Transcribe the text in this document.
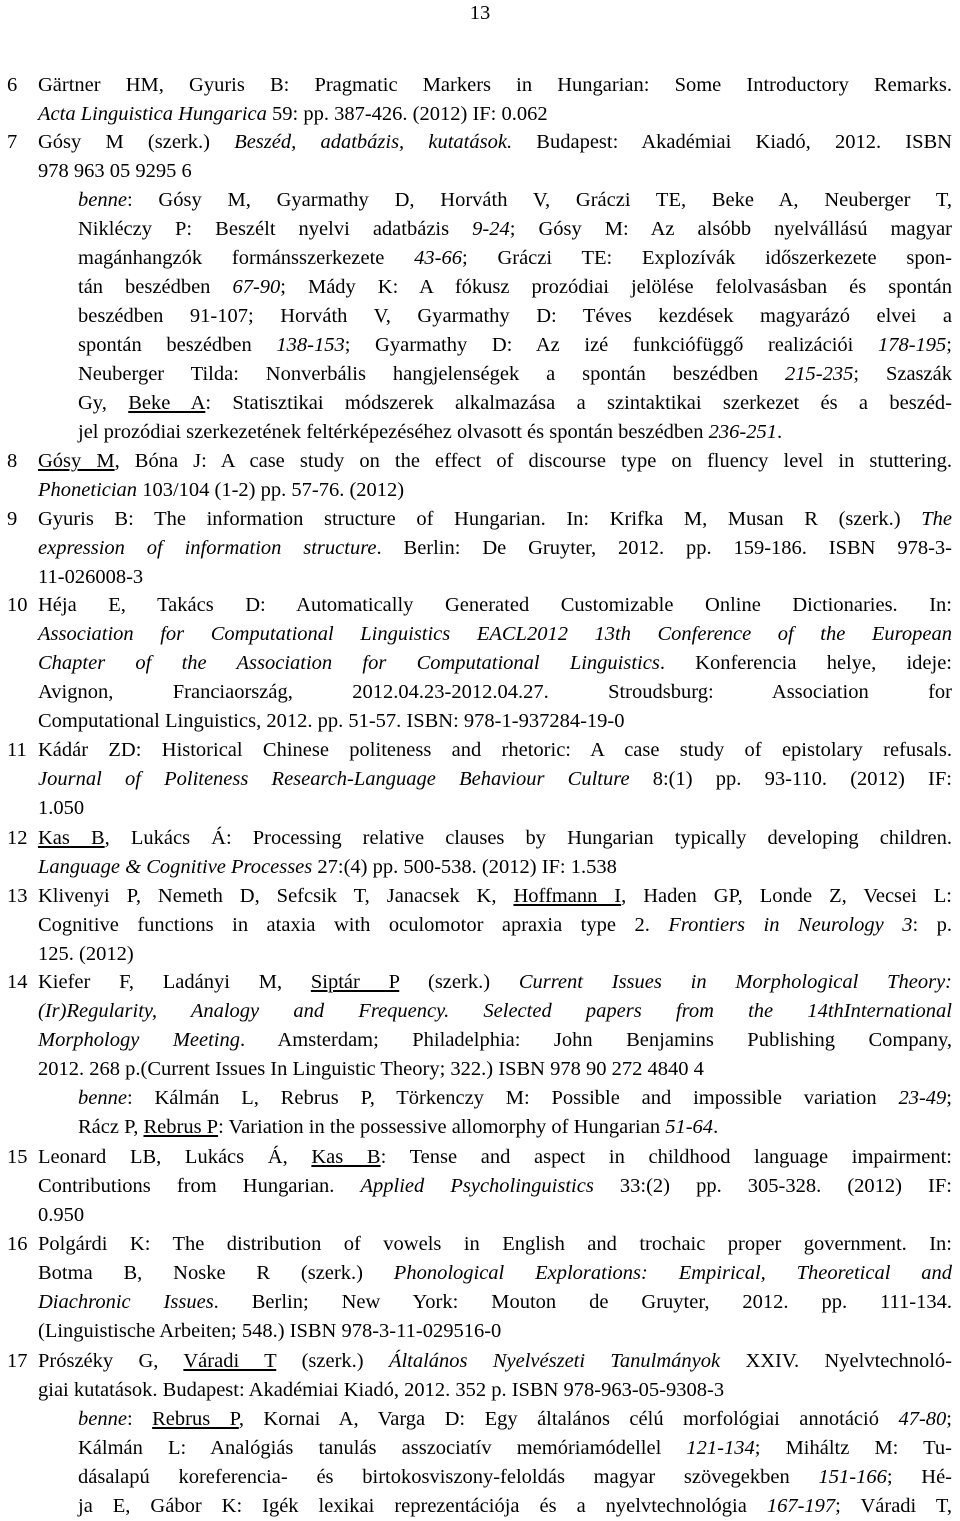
13
6 Gärtner HM, Gyuris B: Pragmatic Markers in Hungarian: Some Introductory Remarks.
Acta Linguistica Hungarica 59: pp. 387-426. (2012) IF: 0.062
7 Gósy M (szerk.) Beszéd, adatbázis, kutatások. Budapest: Akadémiai Kiadó, 2012. ISBN
978 963 05 9295 6
benne: Gósy M, Gyarmathy D, Horváth V, Gráczi TE, Beke A, Neuberger T,
Nikléczy P: Beszélt nyelvi adatbázis 9-24; Gósy M: Az alsóbb nyelvállású magyar
magánhangzók formánsszerkezete 43-66; Gráczi TE: Explozívák időszerkezete spon-
tán beszédben 67-90; Mády K: A fókusz prozódiai jelölése felolvasásban és spontán
beszédben 91-107; Horváth V, Gyarmathy D: Téves kezdések magyarázó elvei a
spontán beszédben 138-153; Gyarmathy D: Az izé funkciófüggő realizációi 178-195;
Neuberger Tilda: Nonverbális hangjelenségek a spontán beszédben 215-235; Szaszák
Gy, Beke A: Statisztikai módszerek alkalmazása a szintaktikai szerkezet és a beszéd-
jel prozódiai szerkezetének feltérképezéséhez olvasott és spontán beszédben 236-251.
8 Gósy M, Bóna J: A case study on the effect of discourse type on fluency level in stuttering.
Phonetician 103/104 (1-2) pp. 57-76. (2012)
9 Gyuris B: The information structure of Hungarian. In: Krifka M, Musan R (szerk.) The
expression of information structure. Berlin: De Gruyter, 2012. pp. 159-186. ISBN 978-3-
11-026008-3
10 Héja E, Takács D: Automatically Generated Customizable Online Dictionaries. In:
Association for Computational Linguistics EACL2012 13th Conference of the European
Chapter of the Association for Computational Linguistics. Konferencia helye, ideje:
Avignon, Franciaország, 2012.04.23-2012.04.27. Stroudsburg: Association for
Computational Linguistics, 2012. pp. 51-57. ISBN: 978-1-937284-19-0
11 Kádár ZD: Historical Chinese politeness and rhetoric: A case study of epistolary refusals.
Journal of Politeness Research-Language Behaviour Culture 8:(1) pp. 93-110. (2012) IF:
1.050
12 Kas B, Lukács Á: Processing relative clauses by Hungarian typically developing children.
Language & Cognitive Processes 27:(4) pp. 500-538. (2012) IF: 1.538
13 Klivenyi P, Nemeth D, Sefcsik T, Janacsek K, Hoffmann I, Haden GP, Londe Z, Vecsei L:
Cognitive functions in ataxia with oculomotor apraxia type 2. Frontiers in Neurology 3: p.
125. (2012)
14 Kiefer F, Ladányi M, Siptár P (szerk.) Current Issues in Morphological Theory:
(Ir)Regularity, Analogy and Frequency. Selected papers from the 14thInternational
Morphology Meeting. Amsterdam; Philadelphia: John Benjamins Publishing Company,
2012. 268 p.(Current Issues In Linguistic Theory; 322.) ISBN 978 90 272 4840 4
benne: Kálmán L, Rebrus P, Törkenczy M: Possible and impossible variation 23-49;
Rácz P, Rebrus P: Variation in the possessive allomorphy of Hungarian 51-64.
15 Leonard LB, Lukács Á, Kas B: Tense and aspect in childhood language impairment:
Contributions from Hungarian. Applied Psycholinguistics 33:(2) pp. 305-328. (2012) IF:
0.950
16 Polgárdi K: The distribution of vowels in English and trochaic proper government. In:
Botma B, Noske R (szerk.) Phonological Explorations: Empirical, Theoretical and
Diachronic Issues. Berlin; New York: Mouton de Gruyter, 2012. pp. 111-134.
(Linguistische Arbeiten; 548.) ISBN 978-3-11-029516-0
17 Prószéky G, Váradi T (szerk.) Általános Nyelvészeti Tanulmányok XXIV. Nyelvtechnoló-
giai kutatások. Budapest: Akadémiai Kiadó, 2012. 352 p. ISBN 978-963-05-9308-3
benne: Rebrus P, Kornai A, Varga D: Egy általános célú morfológiai annotáció 47-80;
Kálmán L: Analógiás tanulás asszociatív memóriamódellel 121-134; Miháltz M: Tu-
dásalapú koreferencia- és birtokosviszony-feloldás magyar szövegekben 151-166; Hé-
ja E, Gábor K: Igék lexikai reprezentációja és a nyelvtechnológia 167-197; Váradi T,
